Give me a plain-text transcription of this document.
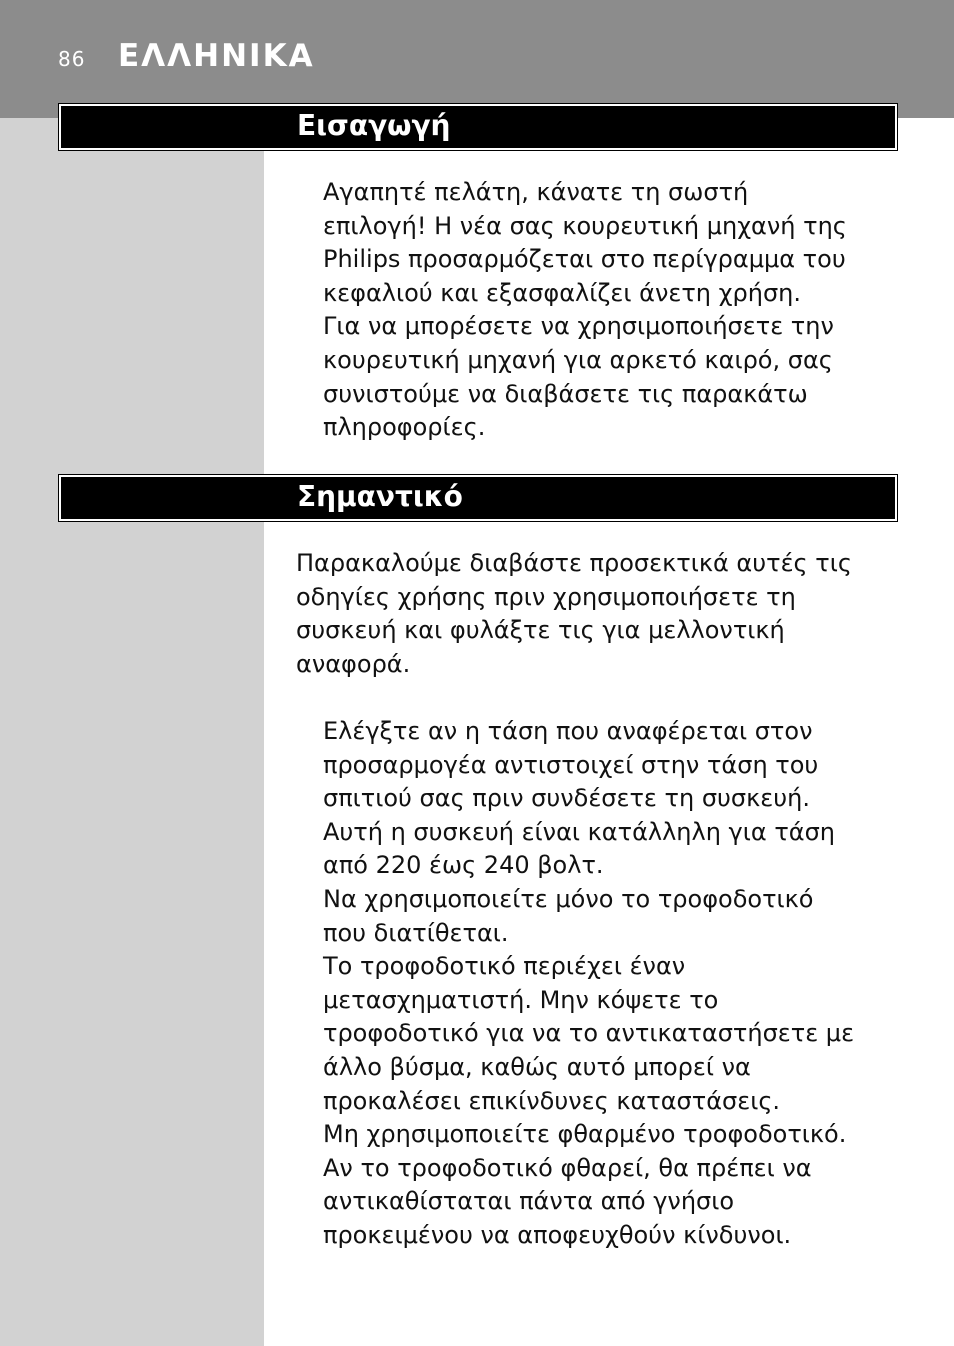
86 ΕΛΛΗΝΙΚΑ
Εισαγωγή
Αγαπητέ πελάτη, κάνατε τη σωστή
επιλογή! Η νέα σας κουρευτική μηχανή της
Philips προσαρμόζεται στο περίγραμμα του
κεφαλιού και εξασφαλίζει άνετη χρήση.
Για να μπορέσετε να χρησιμοποιήσετε την
κουρευτική μηχανή για αρκετό καιρό, σας
συνιστούμε να διαβάσετε τις παρακάτω
πληροφορίες.
Σημαντικό
Παρακαλούμε διαβάστε προσεκτικά αυτές τις
οδηγίες χρήσης πριν χρησιμοποιήσετε τη
συσκευή και φυλάξτε τις για μελλοντική
αναφορά.
Ελέγξτε αν η τάση που αναφέρεται στον
προσαρμογέα αντιστοιχεί στην τάση του
σπιτιού σας πριν συνδέσετε τη συσκευή.
Αυτή η συσκευή είναι κατάλληλη για τάση
από 220 έως 240 βολτ.
Να χρησιμοποιείτε μόνο το τροφοδοτικό
που διατίθεται.
Το τροφοδοτικό περιέχει έναν
μετασχηματιστή. Μην κόψετε το
τροφοδοτικό για να το αντικαταστήσετε με
άλλο βύσμα, καθώς αυτό μπορεί να
προκαλέσει επικίνδυνες καταστάσεις.
Μη χρησιμοποιείτε φθαρμένο τροφοδοτικό.
Αν το τροφοδοτικό φθαρεί, θα πρέπει να
αντικαθίσταται πάντα από γνήσιο
προκειμένου να αποφευχθούν κίνδυνοι.
